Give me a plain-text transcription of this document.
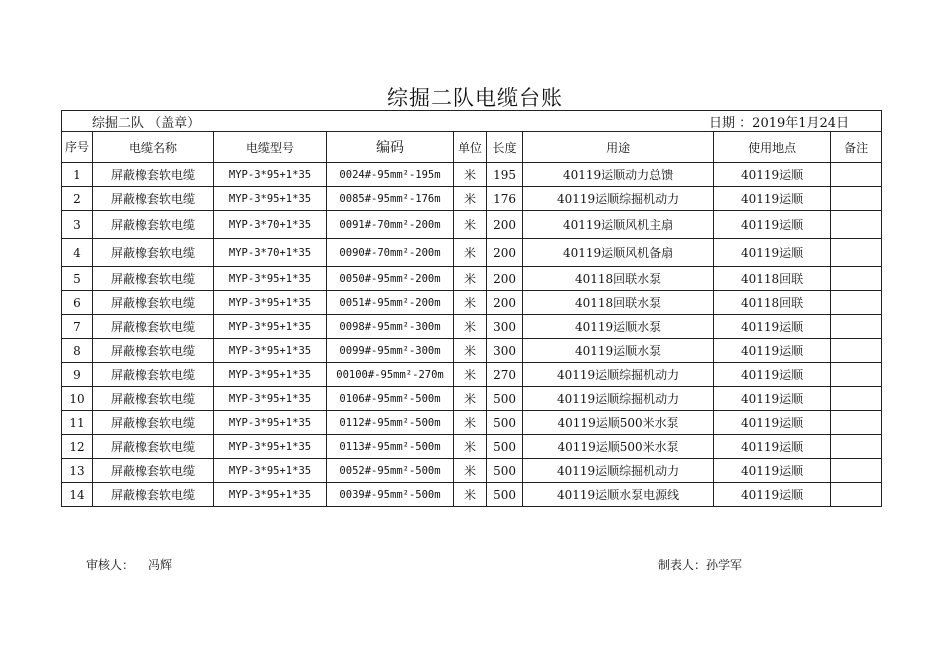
综掘二队电缆台账
综掘二队 （盖章）						日期 ：2019年1月24日		
序号	电缆名称	电缆型号	编码	单位	长度	用途	使用地点	备注
1	屏蔽橡套软电缆	MYP-3*95+1*35	0024#-95mm²-195m	米	195	40119运顺动力总馈	40119运顺	
2	屏蔽橡套软电缆	MYP-3*95+1*35	0085#-95mm²-176m	米	176	40119运顺综掘机动力	40119运顺	
3	屏蔽橡套软电缆	MYP-3*70+1*35	0091#-70mm²-200m	米	200	40119运顺风机主扇	40119运顺	
4	屏蔽橡套软电缆	MYP-3*70+1*35	0090#-70mm²-200m	米	200	40119运顺风机备扇	40119运顺	
5	屏蔽橡套软电缆	MYP-3*95+1*35	0050#-95mm²-200m	米	200	40118回联水泵	40118回联	
6	屏蔽橡套软电缆	MYP-3*95+1*35	0051#-95mm²-200m	米	200	40118回联水泵	40118回联	
7	屏蔽橡套软电缆	MYP-3*95+1*35	0098#-95mm²-300m	米	300	40119运顺水泵	40119运顺	
8	屏蔽橡套软电缆	MYP-3*95+1*35	0099#-95mm²-300m	米	300	40119运顺水泵	40119运顺	
9	屏蔽橡套软电缆	MYP-3*95+1*35	00100#-95mm²-270m	米	270	40119运顺综掘机动力	40119运顺	
10	屏蔽橡套软电缆	MYP-3*95+1*35	0106#-95mm²-500m	米	500	40119运顺综掘机动力	40119运顺	
11	屏蔽橡套软电缆	MYP-3*95+1*35	0112#-95mm²-500m	米	500	40119运顺500米水泵	40119运顺	
12	屏蔽橡套软电缆	MYP-3*95+1*35	0113#-95mm²-500m	米	500	40119运顺500米水泵	40119运顺	
13	屏蔽橡套软电缆	MYP-3*95+1*35	0052#-95mm²-500m	米	500	40119运顺综掘机动力	40119运顺	
14	屏蔽橡套软电缆	MYP-3*95+1*35	0039#-95mm²-500m	米	500	40119运顺水泵电源线	40119运顺	
审核人： 冯辉	制表人：孙学军
